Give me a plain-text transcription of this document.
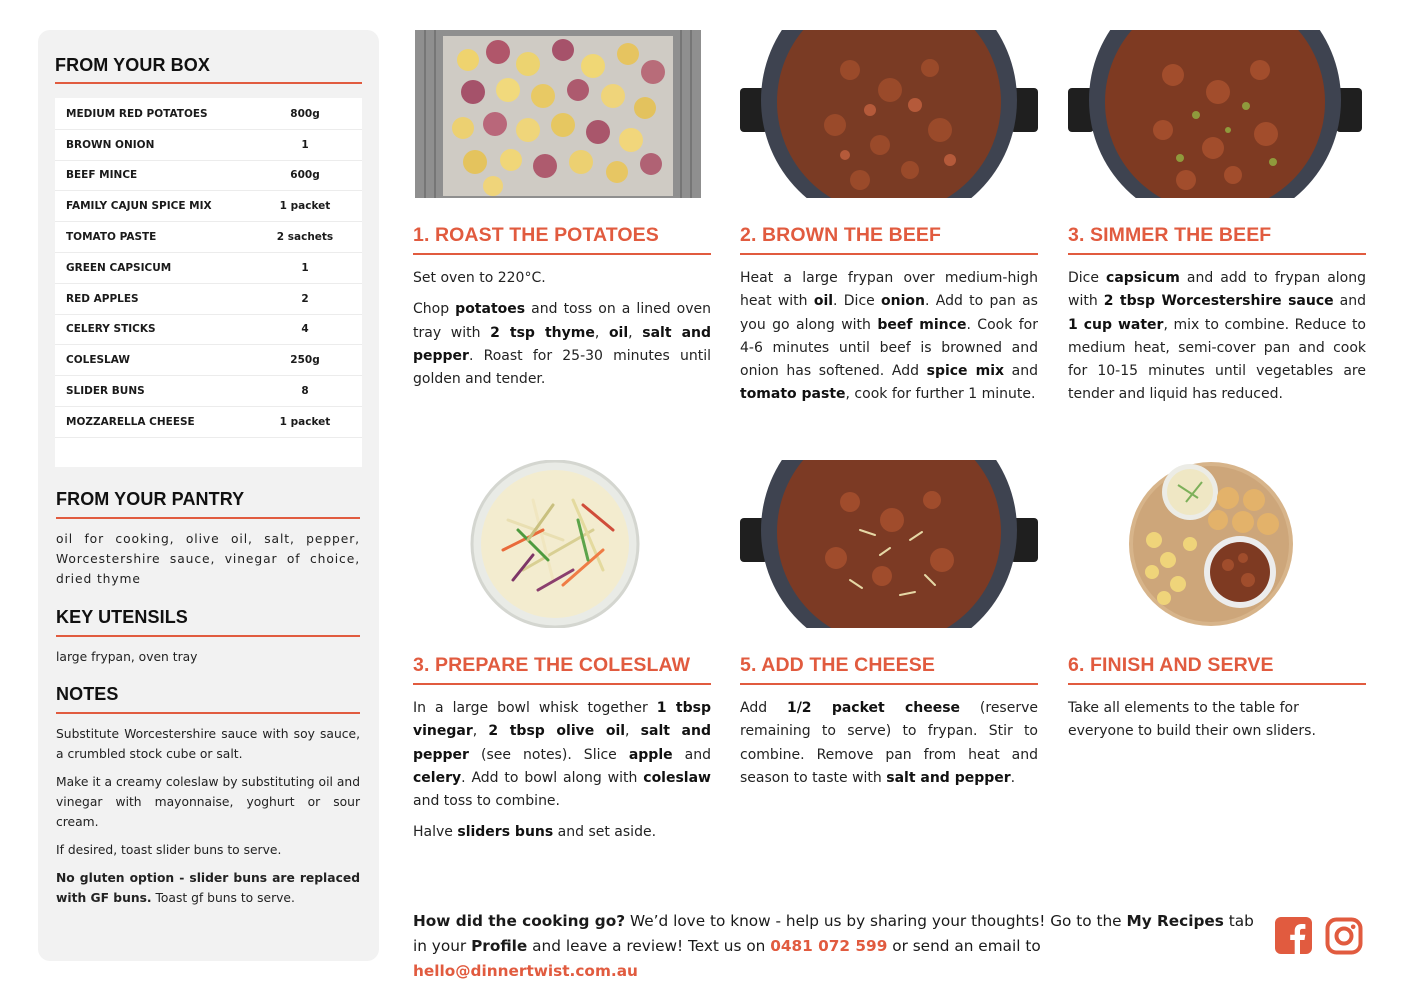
FROM YOUR BOX
MEDIUM RED POTATOES	800g
BROWN ONION	1
BEEF MINCE	600g
FAMILY CAJUN SPICE MIX	1 packet
TOMATO PASTE	2 sachets
GREEN CAPSICUM	1
RED APPLES	2
CELERY STICKS	4
COLESLAW	250g
SLIDER BUNS	8
MOZZARELLA CHEESE	1 packet
FROM YOUR PANTRY
oil for cooking, olive oil, salt, pepper, Worcestershire sauce, vinegar of choice, dried thyme
KEY UTENSILS
large frypan, oven tray
NOTES

Substitute Worcestershire sauce with soy sauce, a crumbled stock cube or salt.

Make it a creamy coleslaw by substituting oil and vinegar with mayonnaise, yoghurt or sour cream.

If desired, toast slider buns to serve.

No gluten option - slider buns are replaced with GF buns. Toast gf buns to serve.

1. ROAST THE POTATOES

Set oven to 220°C.

Chop potatoes and toss on a lined oven tray with 2 tsp thyme, oil, salt and pepper. Roast for 25-30 minutes until golden and tender.

2. BROWN THE BEEF

Heat a large frypan over medium-high heat with oil. Dice onion. Add to pan as you go along with beef mince. Cook for 4-6 minutes until beef is browned and onion has softened. Add spice mix and tomato paste, cook for further 1 minute.

3. SIMMER THE BEEF

Dice capsicum and add to frypan along with 2 tbsp Worcestershire sauce and 1 cup water, mix to combine. Reduce to medium heat, semi-cover pan and cook for 10-15 minutes until vegetables are tender and liquid has reduced.

3. PREPARE THE COLESLAW

In a large bowl whisk together 1 tbsp vinegar, 2 tbsp olive oil, salt and pepper (see notes). Slice apple and celery. Add to bowl along with coleslaw and toss to combine.

Halve sliders buns and set aside.

5. ADD THE CHEESE

Add 1/2 packet cheese (reserve remaining to serve) to frypan. Stir to combine. Remove pan from heat and season to taste with salt and pepper.

6. FINISH AND SERVE

Take all elements to the table for everyone to build their own sliders.

How did the cooking go? We’d love to know - help us by sharing your thoughts! Go to the My Recipes tab in your Profile and leave a review! Text us on 0481 072 599 or send an email to hello@dinnertwist.com.au
